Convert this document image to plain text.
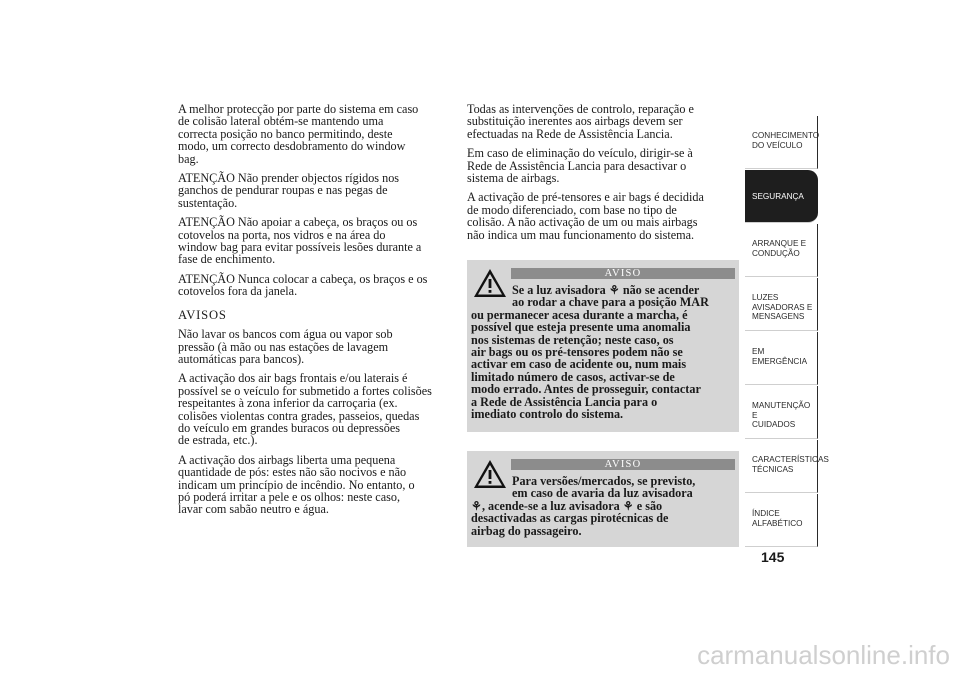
A melhor protecção por parte do sistema em caso
de colisão lateral obtém-se mantendo uma
correcta posição no banco permitindo, deste
modo, um correcto desdobramento do window
bag.

ATENÇÃO Não prender objectos rígidos nos
ganchos de pendurar roupas e nas pegas de
sustentação.

ATENÇÃO Não apoiar a cabeça, os braços ou os
cotovelos na porta, nos vidros e na área do
window bag para evitar possíveis lesões durante a
fase de enchimento.

ATENÇÃO Nunca colocar a cabeça, os braços e os
cotovelos fora da janela.

AVISOS

Não lavar os bancos com água ou vapor sob
pressão (à mão ou nas estações de lavagem
automáticas para bancos).

A activação dos air bags frontais e/ou laterais é
possível se o veículo for submetido a fortes colisões
respeitantes à zona inferior da carroçaria (ex.
colisões violentas contra grades, passeios, quedas
do veículo em grandes buracos ou depressões
de estrada, etc.).

A activação dos airbags liberta uma pequena
quantidade de pós: estes não são nocivos e não
indicam um princípio de incêndio. No entanto, o
pó poderá irritar a pele e os olhos: neste caso,
lavar com sabão neutro e água.

Todas as intervenções de controlo, reparação e
substituição inerentes aos airbags devem ser
efectuadas na Rede de Assistência Lancia.

Em caso de eliminação do veículo, dirigir-se à
Rede de Assistência Lancia para desactivar o
sistema de airbags.

A activação de pré-tensores e air bags é decidida
de modo diferenciado, com base no tipo de
colisão. A não activação de um ou mais airbags
não indica um mau funcionamento do sistema.

AVISO
Se a luz avisadora ⚘ não se acender
ao rodar a chave para a posição MAR
ou permanecer acesa durante a marcha, é
possível que esteja presente uma anomalia
nos sistemas de retenção; neste caso, os
air bags ou os pré-tensores podem não se
activar em caso de acidente ou, num mais
limitado número de casos, activar-se de
modo errado. Antes de prosseguir, contactar
a Rede de Assistência Lancia para o
imediato controlo do sistema.
AVISO
Para versões/mercados, se previsto,
em caso de avaria da luz avisadora
⚘, acende-se a luz avisadora ⚘ e são
desactivadas as cargas pirotécnicas de
airbag do passageiro.
CONHECIMENTO
DO VEÍCULO
SEGURANÇA
ARRANQUE E
CONDUÇÃO
LUZES
AVISADORAS E
MENSAGENS
EM EMERGÊNCIA
MANUTENÇÃO E
CUIDADOS
CARACTERÍSTICAS
TÉCNICAS
ÍNDICE
ALFABÉTICO
145
carmanualsonline.info
